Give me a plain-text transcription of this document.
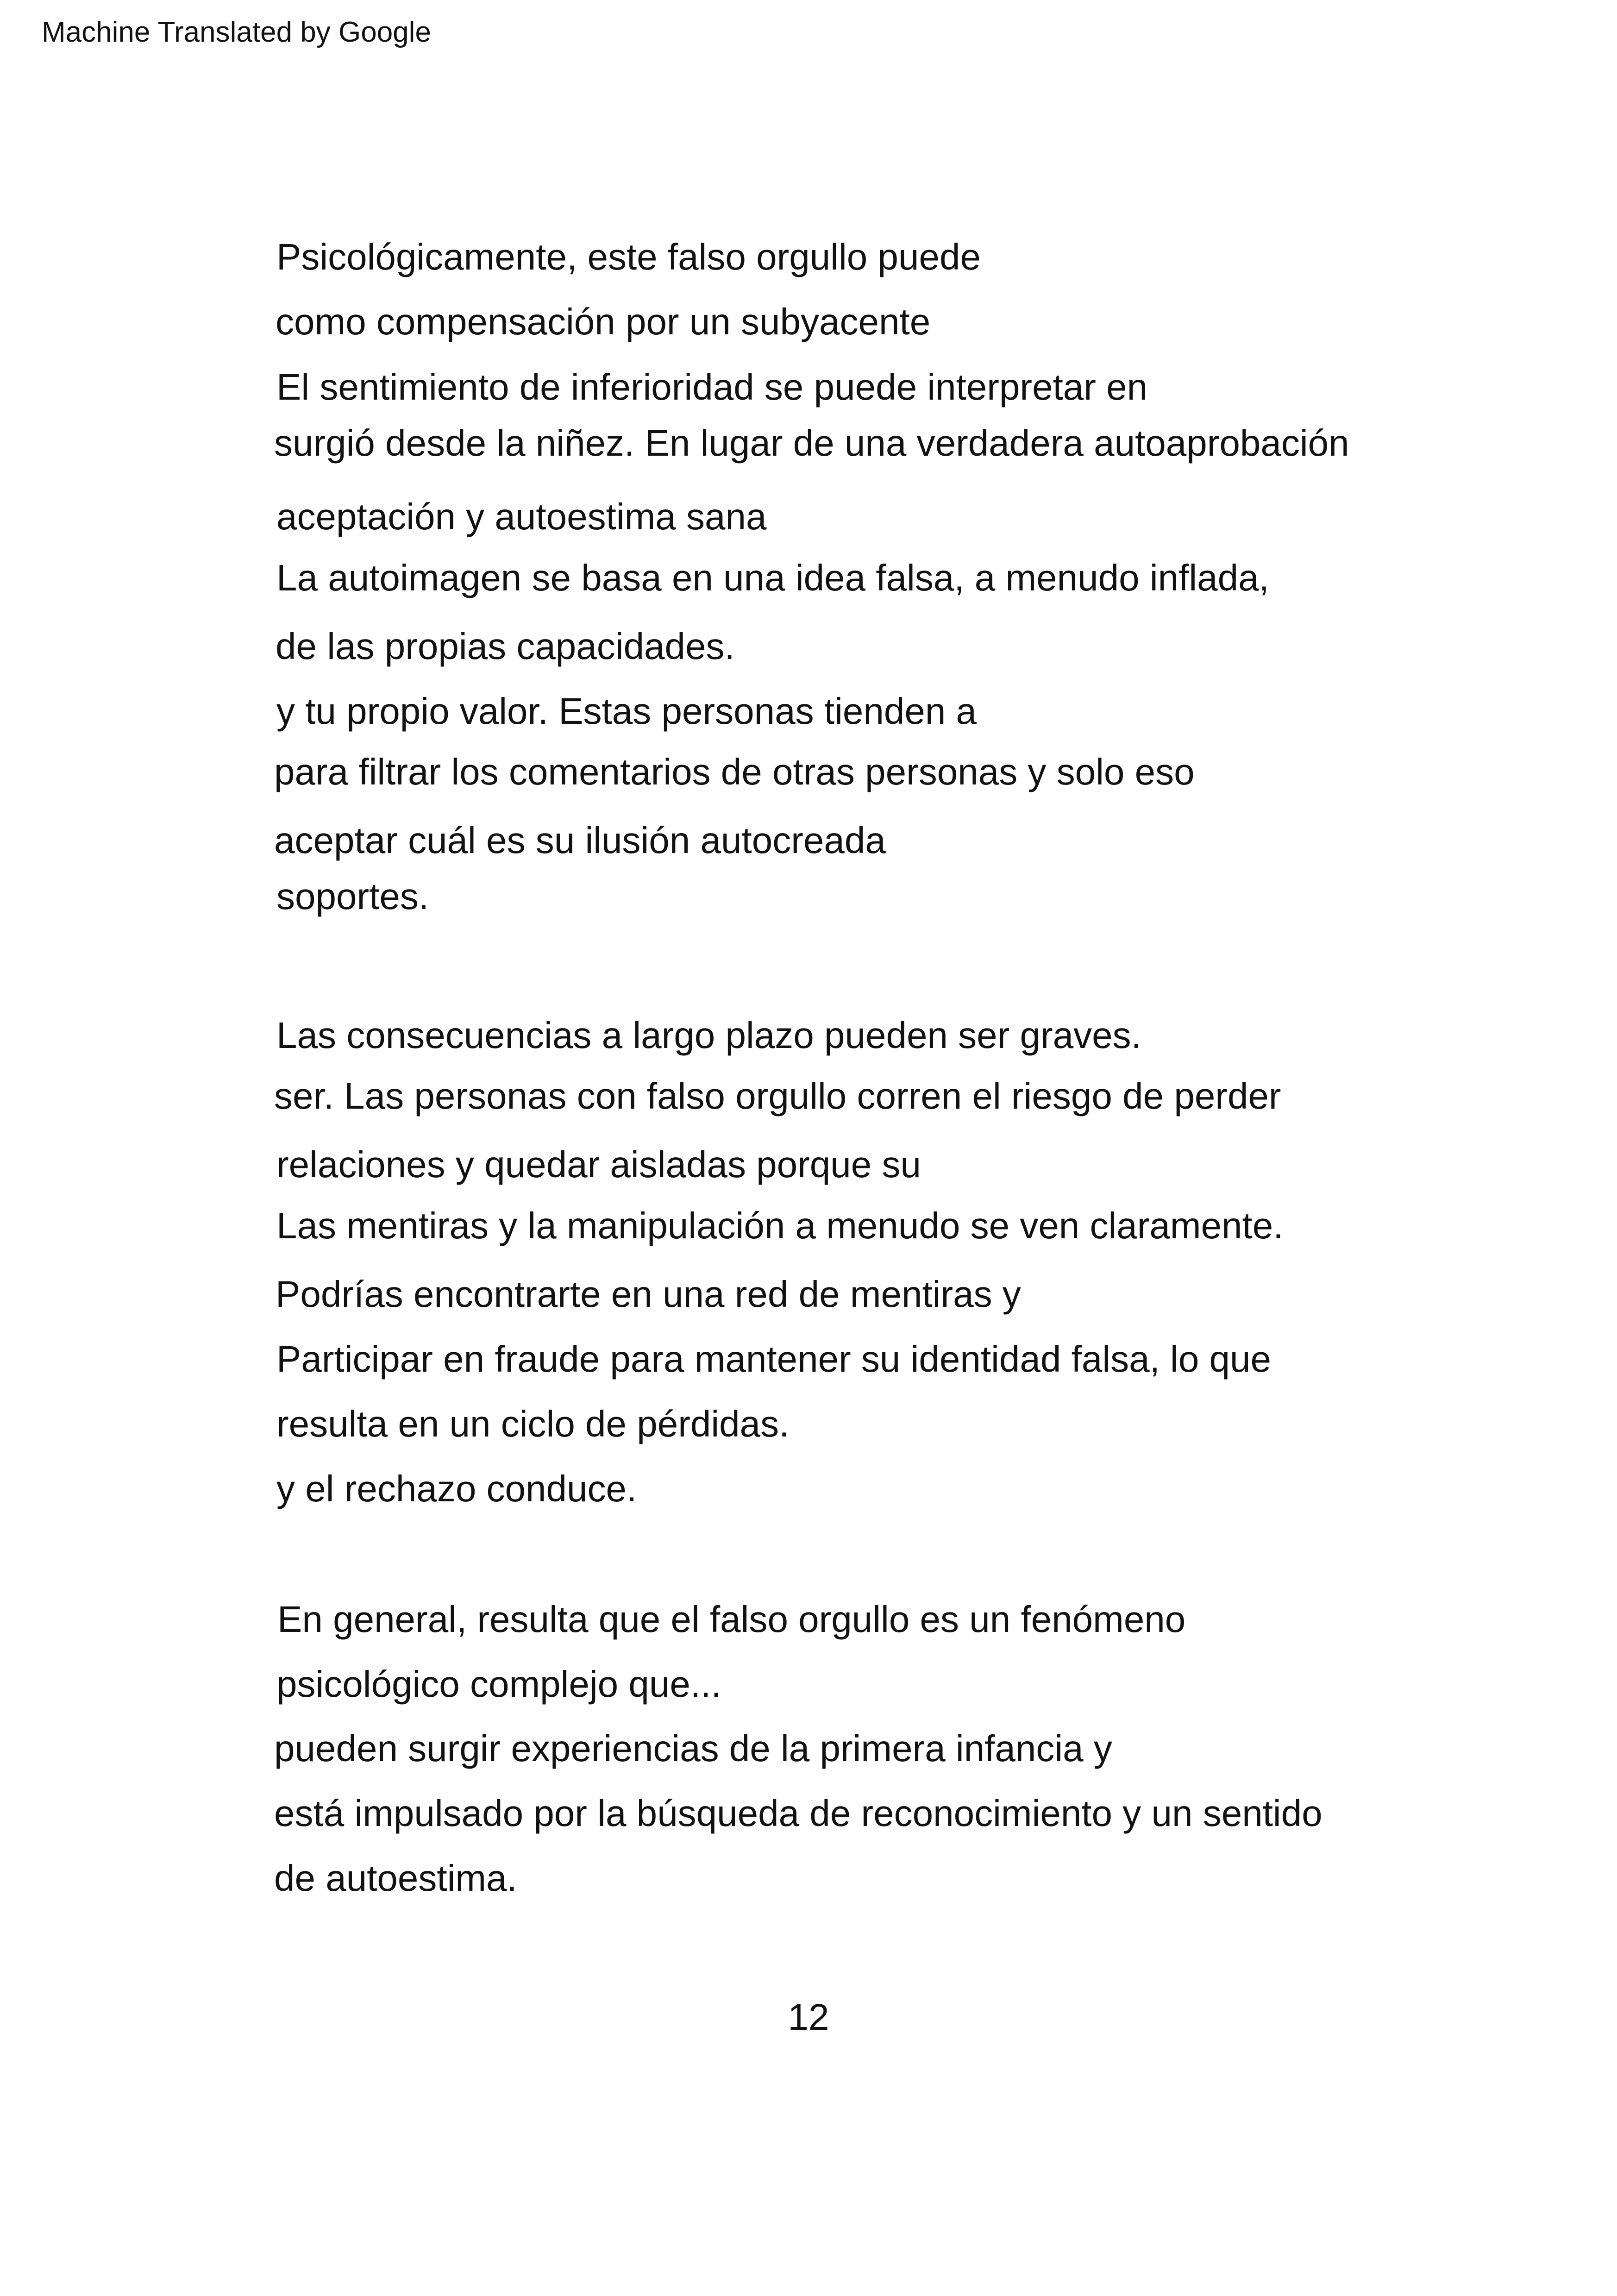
Machine Translated by Google
Psicológicamente, este falso orgullo puede
como compensación por un subyacente
El sentimiento de inferioridad se puede interpretar en
surgió desde la niñez. En lugar de una verdadera autoaprobación
aceptación y autoestima sana
La autoimagen se basa en una idea falsa, a menudo inflada,
de las propias capacidades.
y tu propio valor. Estas personas tienden a
para filtrar los comentarios de otras personas y solo eso
aceptar cuál es su ilusión autocreada
soportes.
Las consecuencias a largo plazo pueden ser graves.
ser. Las personas con falso orgullo corren el riesgo de perder
relaciones y quedar aisladas porque su
Las mentiras y la manipulación a menudo se ven claramente.
Podrías encontrarte en una red de mentiras y
Participar en fraude para mantener su identidad falsa, lo que
resulta en un ciclo de pérdidas.
y el rechazo conduce.
En general, resulta que el falso orgullo es un fenómeno
psicológico complejo que...
pueden surgir experiencias de la primera infancia y
está impulsado por la búsqueda de reconocimiento y un sentido
de autoestima.
12
